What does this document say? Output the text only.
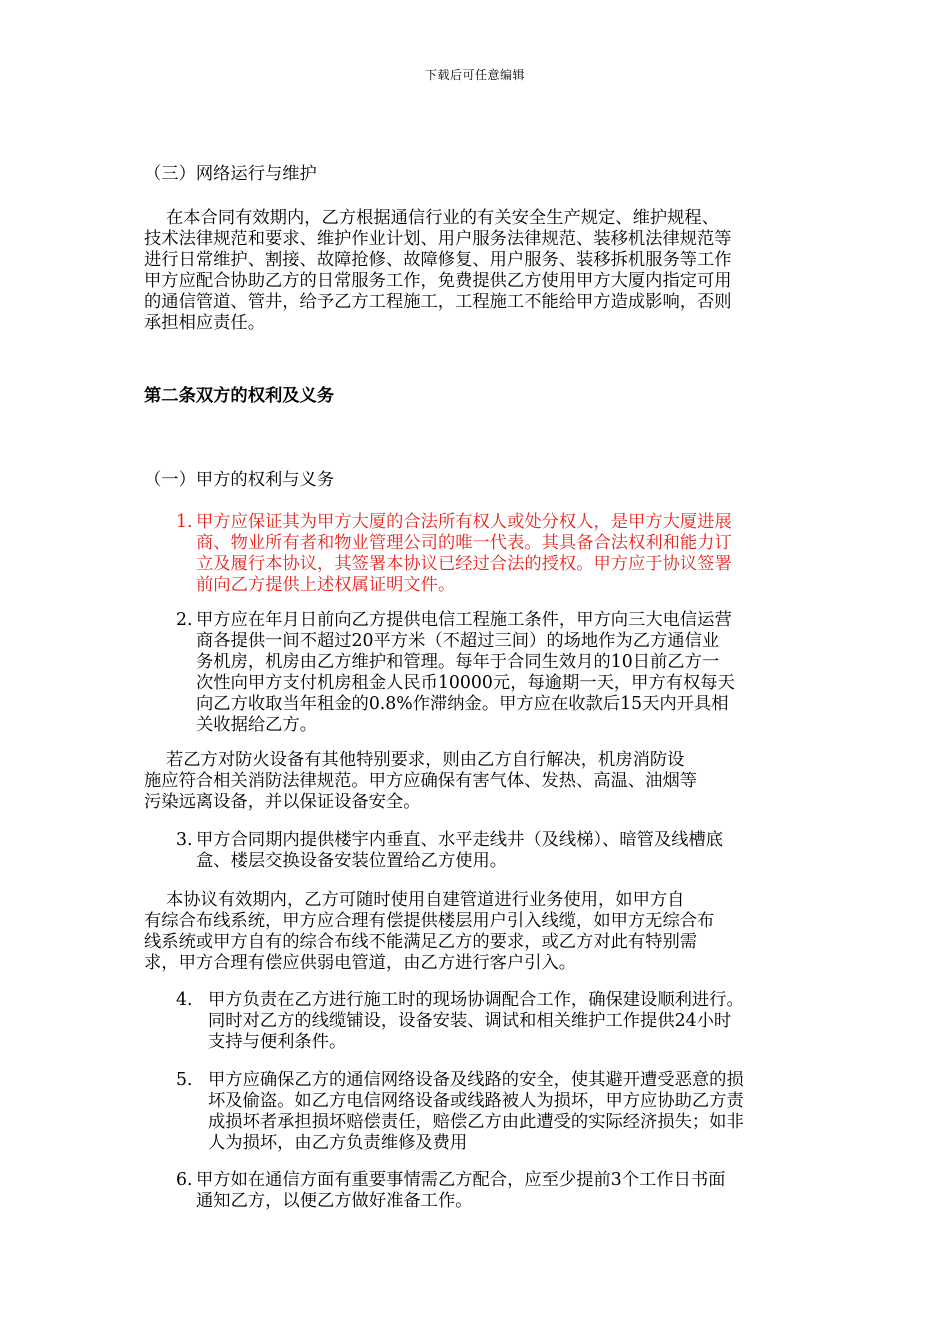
下载后可任意编辑
（三）网络运行与维护
在本合同有效期内，乙方根据通信行业的有关安全生产规定、维护规程、
技术法律规范和要求、维护作业计划、用户服务法律规范、装移机法律规范等
进行日常维护、割接、故障抢修、故障修复、用户服务、装移拆机服务等工作
甲方应配合协助乙方的日常服务工作，免费提供乙方使用甲方大厦内指定可用
的通信管道、管井，给予乙方工程施工，工程施工不能给甲方造成影响，否则
承担相应责任。
第二条双方的权利及义务
（一）甲方的权利与义务
1. 甲方应保证其为甲方大厦的合法所有权人或处分权人，是甲方大厦进展
商、物业所有者和物业管理公司的唯一代表。其具备合法权利和能力订
立及履行本协议，其签署本协议已经过合法的授权。甲方应于协议签署
前向乙方提供上述权属证明文件。
2. 甲方应在年月日前向乙方提供电信工程施工条件，甲方向三大电信运营
商各提供一间不超过20平方米（不超过三间）的场地作为乙方通信业
务机房，机房由乙方维护和管理。每年于合同生效月的10日前乙方一
次性向甲方支付机房租金人民币10000元，每逾期一天，甲方有权每天
向乙方收取当年租金的0.8%作滞纳金。甲方应在收款后15天内开具相
关收据给乙方。
若乙方对防火设备有其他特别要求，则由乙方自行解决，机房消防设
施应符合相关消防法律规范。甲方应确保有害气体、发热、高温、油烟等
污染远离设备，并以保证设备安全。
3. 甲方合同期内提供楼宇内垂直、水平走线井（及线梯）、暗管及线槽底
盒、楼层交换设备安装位置给乙方使用。
本协议有效期内，乙方可随时使用自建管道进行业务使用，如甲方自
有综合布线系统，甲方应合理有偿提供楼层用户引入线缆，如甲方无综合布
线系统或甲方自有的综合布线不能满足乙方的要求，或乙方对此有特别需
求，甲方合理有偿应供弱电管道，由乙方进行客户引入。
4. 甲方负责在乙方进行施工时的现场协调配合工作，确保建设顺利进行。
同时对乙方的线缆铺设，设备安装、调试和相关维护工作提供24小时
支持与便利条件。
5. 甲方应确保乙方的通信网络设备及线路的安全，使其避开遭受恶意的损
坏及偷盗。如乙方电信网络设备或线路被人为损坏，甲方应协助乙方责
成损坏者承担损坏赔偿责任，赔偿乙方由此遭受的实际经济损失；如非
人为损坏，由乙方负责维修及费用
6. 甲方如在通信方面有重要事情需乙方配合，应至少提前3个工作日书面
通知乙方，以便乙方做好准备工作。
